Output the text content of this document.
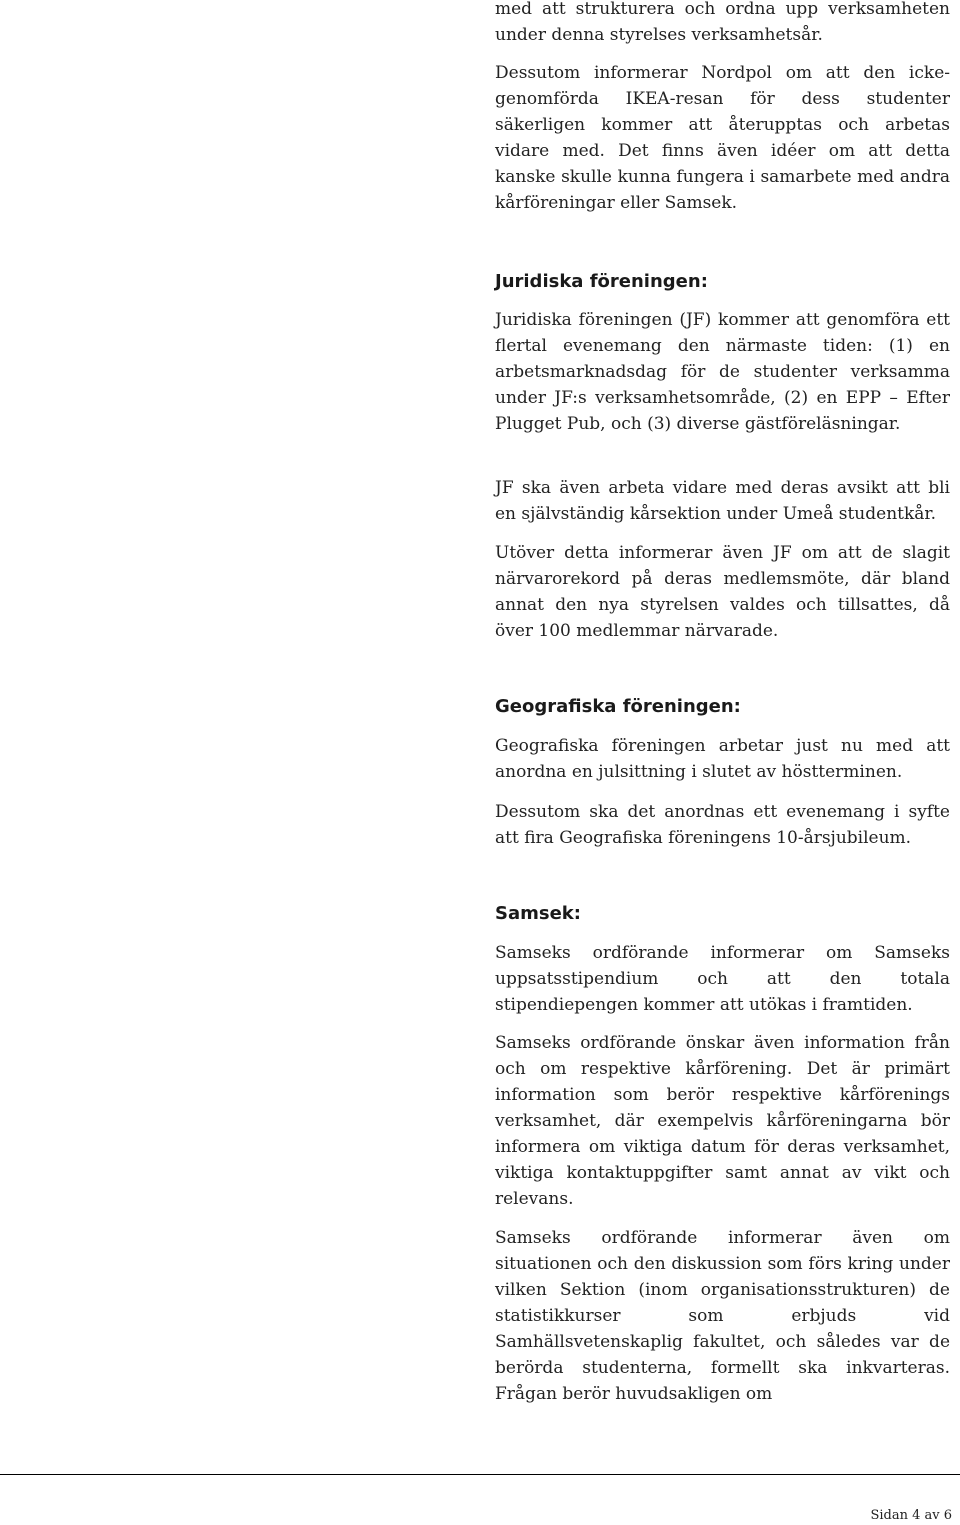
med att strukturera och ordna upp verksamheten under denna styrelses verksamhetsår.

Dessutom informerar Nordpol om att den icke-genomförda IKEA-resan för dess studenter säkerligen kommer att återupptas och arbetas vidare med. Det finns även idéer om att detta kanske skulle kunna fungera i samarbete med andra kårföreningar eller Samsek.

Juridiska föreningen:

Juridiska föreningen (JF) kommer att genomföra ett flertal evenemang den närmaste tiden: (1) en arbetsmarknadsdag för de studenter verksamma under JF:s verksamhetsområde, (2) en EPP – Efter Plugget Pub, och (3) diverse gästföreläsningar.

JF ska även arbeta vidare med deras avsikt att bli en självständig kårsektion under Umeå studentkår.

Utöver detta informerar även JF om att de slagit närvarorekord på deras medlemsmöte, där bland annat den nya styrelsen valdes och tillsattes, då över 100 medlemmar närvarade.

Geografiska föreningen:

Geografiska föreningen arbetar just nu med att anordna en julsittning i slutet av höstterminen.

Dessutom ska det anordnas ett evenemang i syfte att fira Geografiska föreningens 10-årsjubileum.

Samsek:

Samseks ordförande informerar om Samseks uppsatsstipendium och att den totala stipendiepengen kommer att utökas i framtiden.

Samseks ordförande önskar även information från och om respektive kårförening. Det är primärt information som berör respektive kårförenings verksamhet, där exempelvis kårföreningarna bör informera om viktiga datum för deras verksamhet, viktiga kontaktuppgifter samt annat av vikt och relevans.

Samseks ordförande informerar även om situationen och den diskussion som förs kring under vilken Sektion (inom organisationsstrukturen) de statistikkurser som erbjuds vid Samhällsvetenskaplig fakultet, och således var de berörda studenterna, formellt ska inkvarteras. Frågan berör huvudsakligen om

Sidan 4 av 6
